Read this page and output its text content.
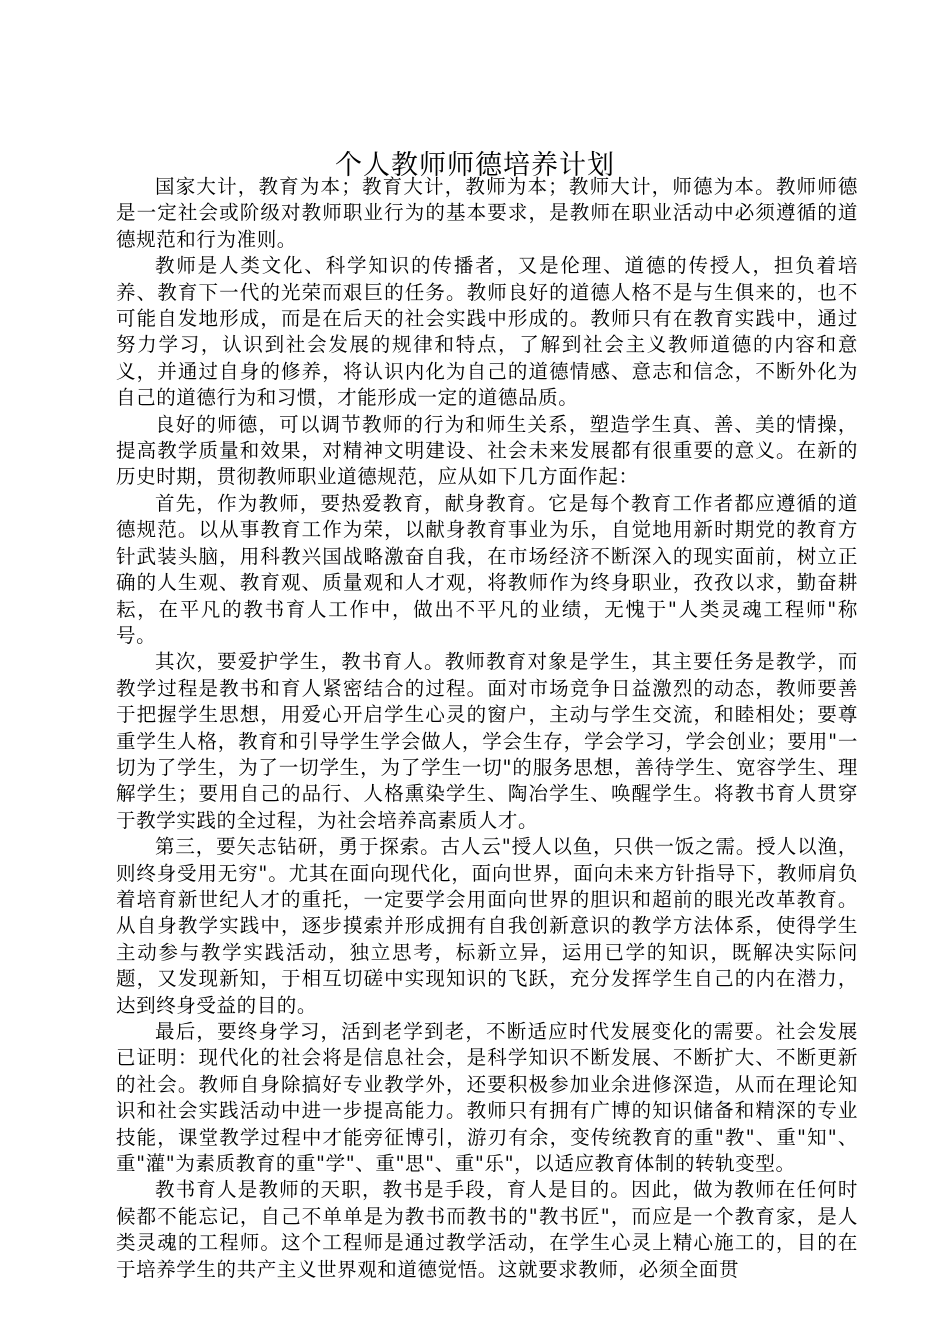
个人教师师德培养计划

国家大计，教育为本；教育大计，教师为本；教师大计，师德为本。教师师德是一定社会或阶级对教师职业行为的基本要求，是教师在职业活动中必须遵循的道德规范和行为准则。

教师是人类文化、科学知识的传播者，又是伦理、道德的传授人，担负着培养、教育下一代的光荣而艰巨的任务。教师良好的道德人格不是与生俱来的，也不可能自发地形成，而是在后天的社会实践中形成的。教师只有在教育实践中，通过努力学习，认识到社会发展的规律和特点，了解到社会主义教师道德的内容和意义，并通过自身的修养，将认识内化为自己的道德情感、意志和信念，不断外化为自己的道德行为和习惯，才能形成一定的道德品质。

良好的师德，可以调节教师的行为和师生关系，塑造学生真、善、美的情操，提高教学质量和效果，对精神文明建设、社会未来发展都有很重要的意义。在新的历史时期，贯彻教师职业道德规范，应从如下几方面作起：

首先，作为教师，要热爱教育，献身教育。它是每个教育工作者都应遵循的道德规范。以从事教育工作为荣，以献身教育事业为乐，自觉地用新时期党的教育方针武装头脑，用科教兴国战略激奋自我，在市场经济不断深入的现实面前，树立正确的人生观、教育观、质量观和人才观，将教师作为终身职业，孜孜以求，勤奋耕耘，在平凡的教书育人工作中，做出不平凡的业绩，无愧于"人类灵魂工程师"称号。

其次，要爱护学生，教书育人。教师教育对象是学生，其主要任务是教学，而教学过程是教书和育人紧密结合的过程。面对市场竞争日益激烈的动态，教师要善于把握学生思想，用爱心开启学生心灵的窗户，主动与学生交流，和睦相处；要尊重学生人格，教育和引导学生学会做人，学会生存，学会学习，学会创业；要用"一切为了学生，为了一切学生，为了学生一切"的服务思想，善待学生、宽容学生、理解学生；要用自己的品行、人格熏染学生、陶冶学生、唤醒学生。将教书育人贯穿于教学实践的全过程，为社会培养高素质人才。

第三，要矢志钻研，勇于探索。古人云"授人以鱼，只供一饭之需。授人以渔，则终身受用无穷"。尤其在面向现代化，面向世界，面向未来方针指导下，教师肩负着培育新世纪人才的重托，一定要学会用面向世界的胆识和超前的眼光改革教育。从自身教学实践中，逐步摸索并形成拥有自我创新意识的教学方法体系，使得学生主动参与教学实践活动，独立思考，标新立异，运用已学的知识，既解决实际问题，又发现新知，于相互切磋中实现知识的飞跃，充分发挥学生自己的内在潜力，达到终身受益的目的。

最后，要终身学习，活到老学到老，不断适应时代发展变化的需要。社会发展已证明：现代化的社会将是信息社会，是科学知识不断发展、不断扩大、不断更新的社会。教师自身除搞好专业教学外，还要积极参加业余进修深造，从而在理论知识和社会实践活动中进一步提高能力。教师只有拥有广博的知识储备和精深的专业技能，课堂教学过程中才能旁征博引，游刃有余，变传统教育的重"教"、重"知"、重"灌"为素质教育的重"学"、重"思"、重"乐"，以适应教育体制的转轨变型。

教书育人是教师的天职，教书是手段，育人是目的。因此，做为教师在任何时候都不能忘记，自己不单单是为教书而教书的"教书匠"，而应是一个教育家，是人类灵魂的工程师。这个工程师是通过教学活动，在学生心灵上精心施工的，目的在于培养学生的共产主义世界观和道德觉悟。这就要求教师，必须全面贯
